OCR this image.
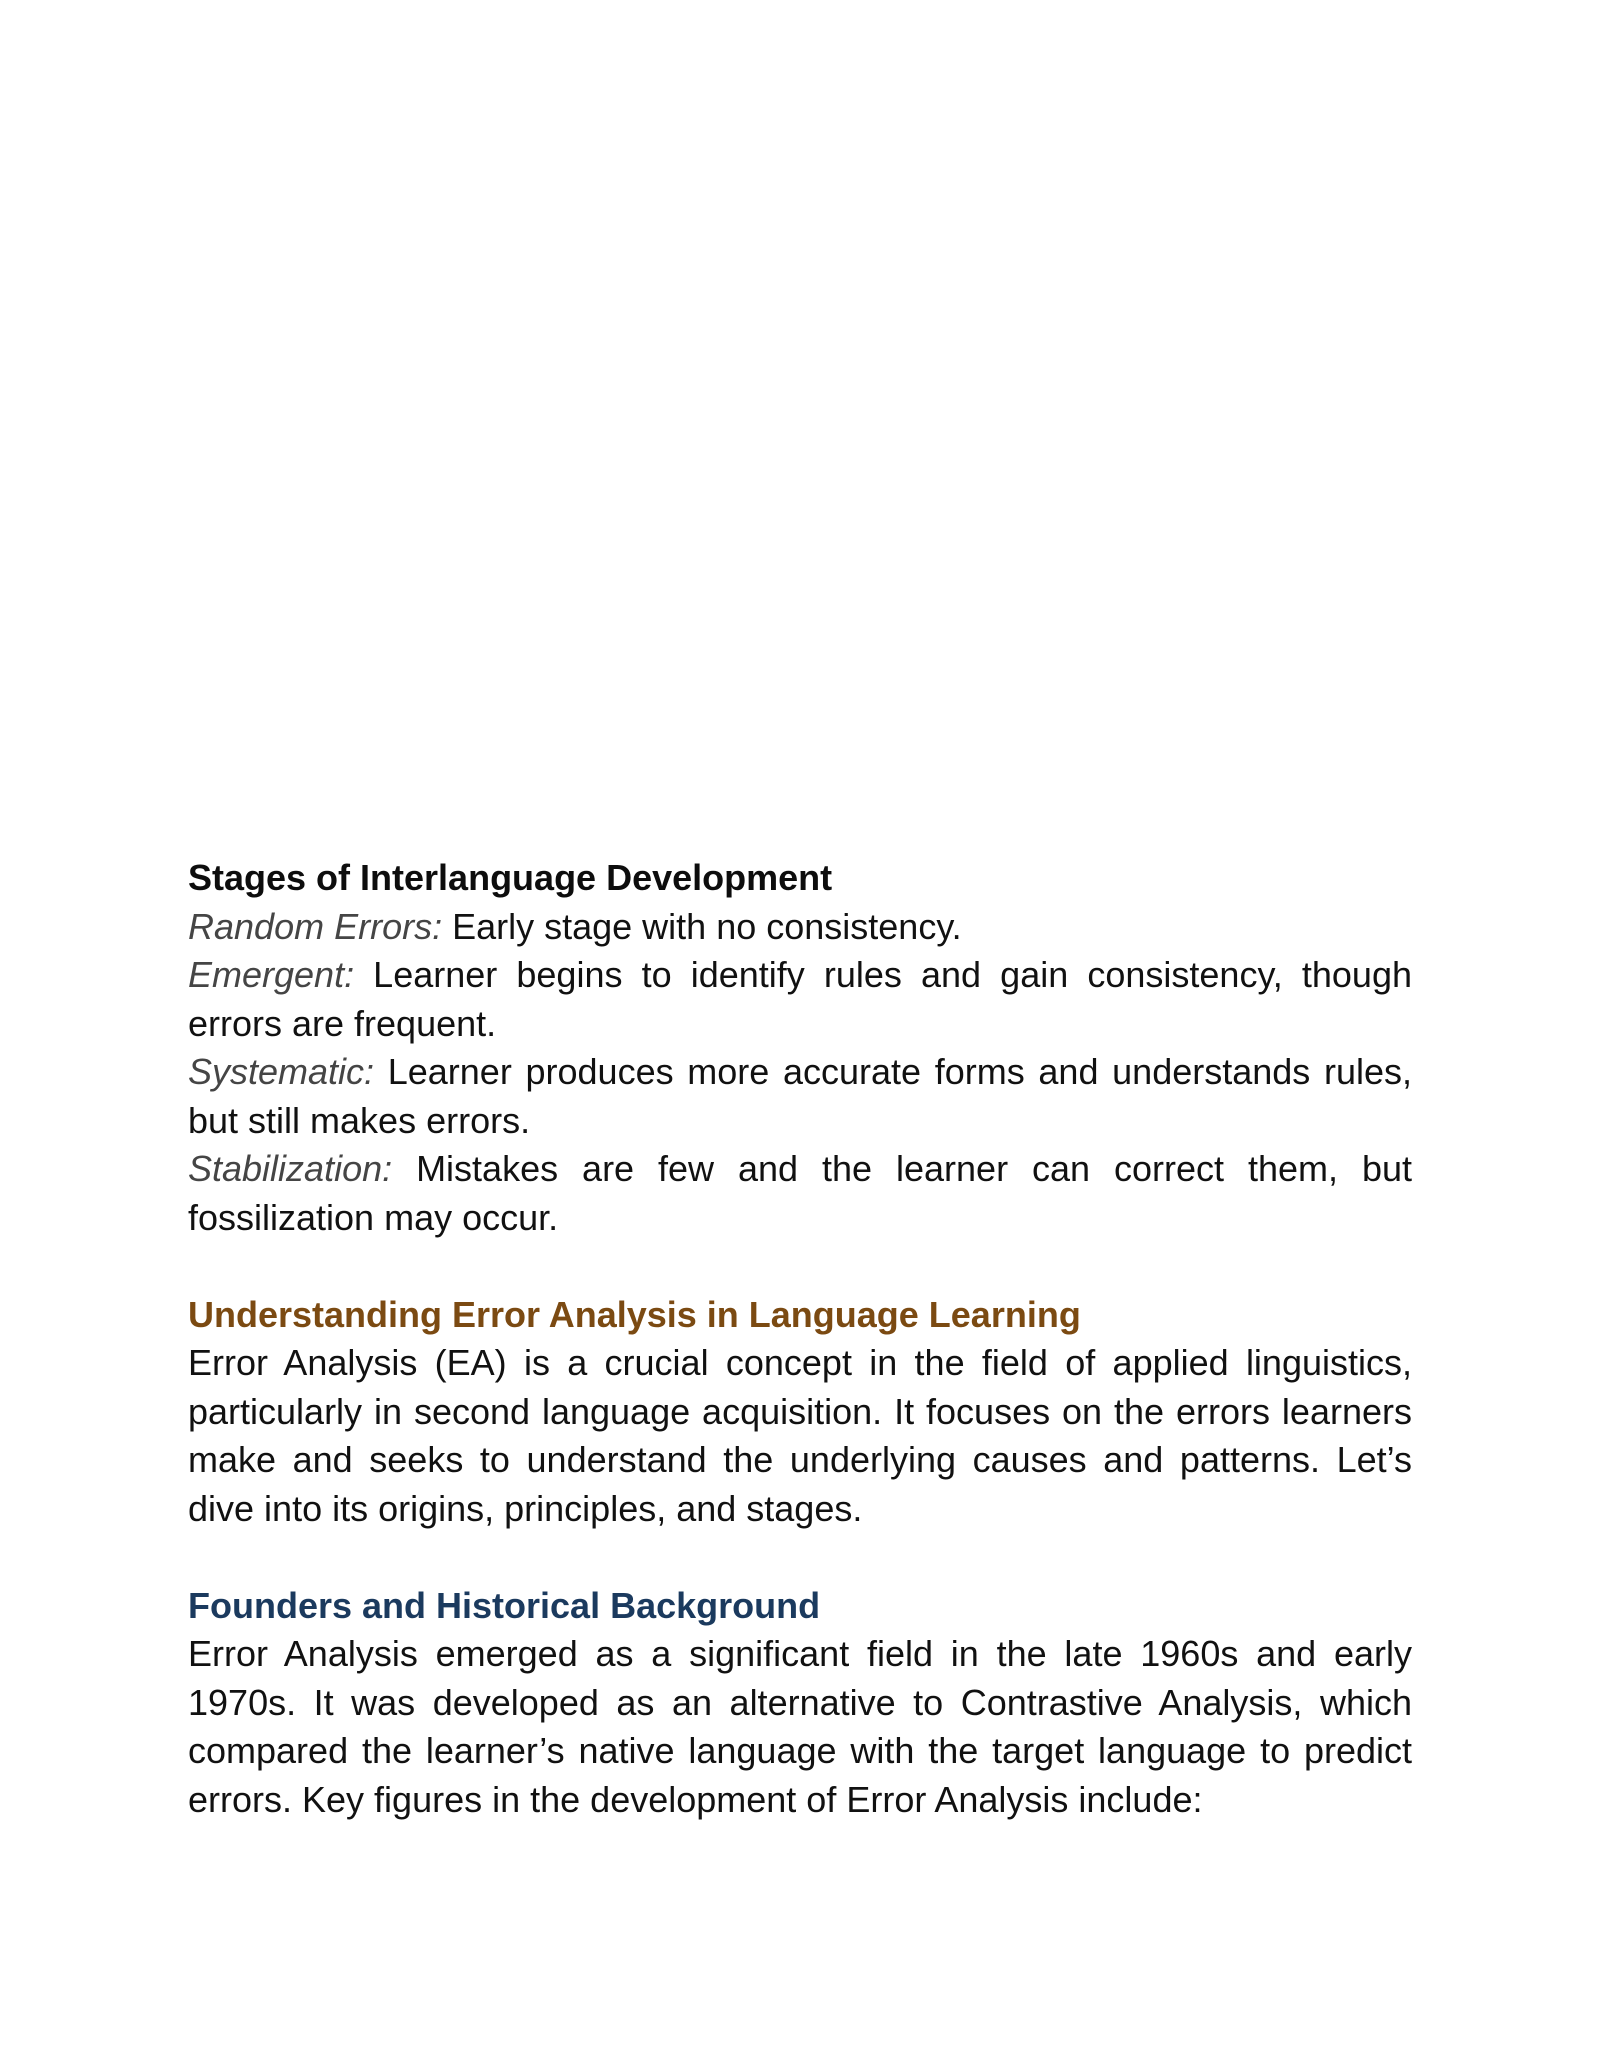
Stages of Interlanguage Development

Random Errors: Early stage with no consistency.

Emergent: Learner begins to identify rules and gain consistency, though errors are frequent.

Systematic: Learner produces more accurate forms and understands rules, but still makes errors.

Stabilization: Mistakes are few and the learner can correct them, but fossilization may occur.

Understanding Error Analysis in Language Learning

Error Analysis (EA) is a crucial concept in the field of applied linguistics, particularly in second language acquisition. It focuses on the errors learners make and seeks to understand the underlying causes and patterns. Let’s dive into its origins, principles, and stages.

Founders and Historical Background

Error Analysis emerged as a significant field in the late 1960s and early 1970s. It was developed as an alternative to Contrastive Analysis, which compared the learner’s native language with the target language to predict errors. Key figures in the development of Error Analysis include:
